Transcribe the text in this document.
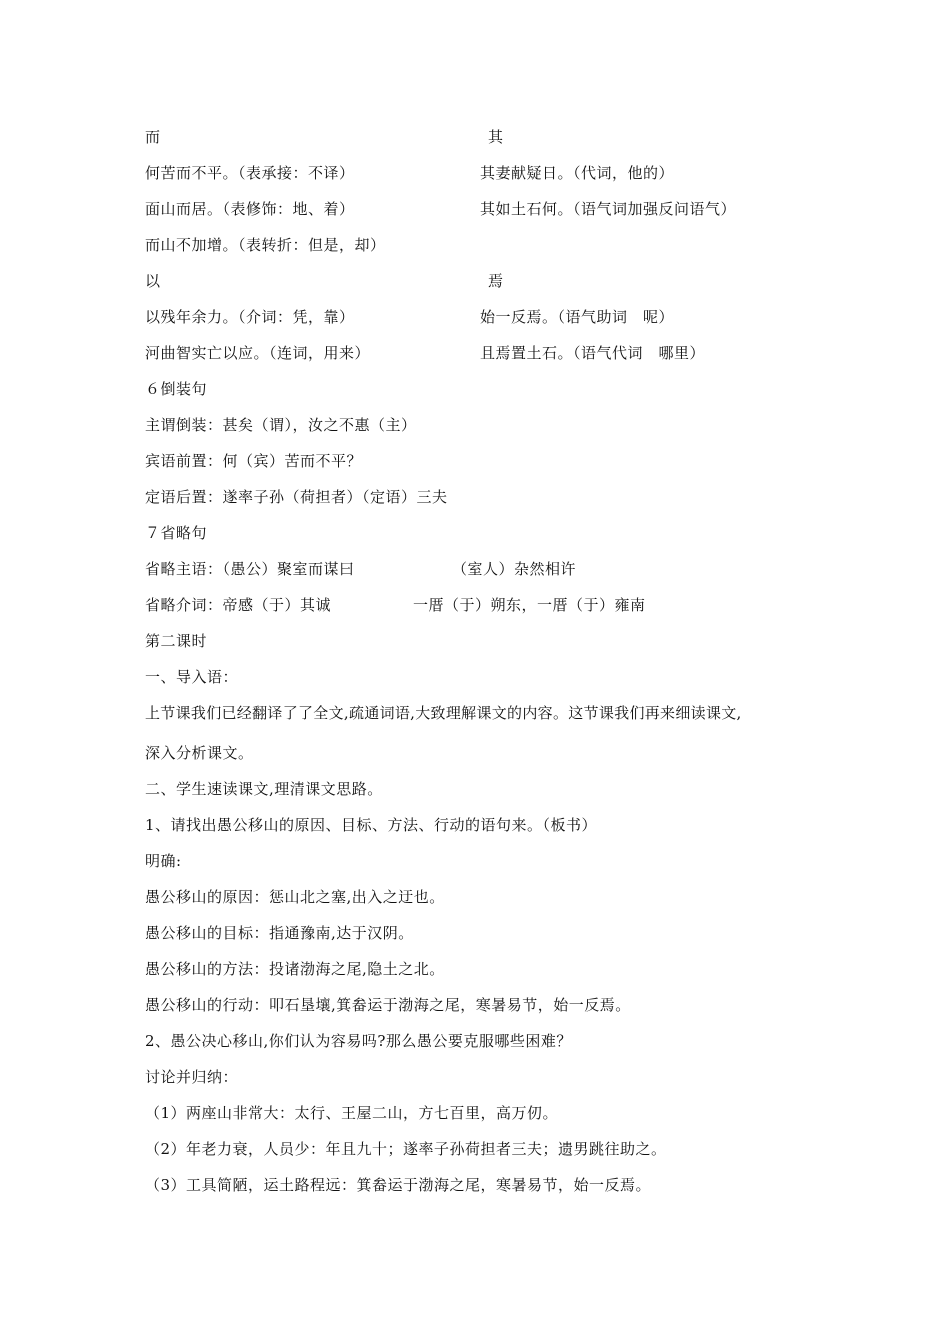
而	其
何苦而不平。（表承接：不译）	其妻献疑日。（代词，他的）
面山而居。（表修饰：地、着）	其如土石何。（语气词加强反问语气）
而山不加增。（表转折：但是，却）
以	焉
以残年余力。（介词：凭，靠）	始一反焉。（语气助词　呢）
河曲智实亡以应。（连词，用来）	且焉置土石。（语气代词　哪里）
６倒装句
主谓倒装：甚矣（谓），汝之不惠（主）
宾语前置：何（宾）苦而不平？
定语后置：遂率子孙（荷担者）（定语）三夫
７省略句
省略主语：（愚公）聚室而谋曰	（室人）杂然相许
省略介词：帝感（于）其诚	一厝（于）朔东，一厝（于）雍南
第二课时
一、导入语：
上节课我们已经翻译了了全文,疏通词语,大致理解课文的内容。这节课我们再来细读课文,
深入分析课文。
二、学生速读课文,理清课文思路。
1、请找出愚公移山的原因、目标、方法、行动的语句来。（板书）
明确:
愚公移山的原因：惩山北之塞,出入之迂也。
愚公移山的目标：指通豫南,达于汉阴。
愚公移山的方法：投诸渤海之尾,隐土之北。
愚公移山的行动：叩石垦壤,箕畚运于渤海之尾，寒暑易节，始一反焉。
2、愚公决心移山,你们认为容易吗?那么愚公要克服哪些困难？
讨论并归纳：
（1）两座山非常大：太行、王屋二山，方七百里，高万仞。
（2）年老力衰，人员少：年且九十；遂率子孙荷担者三夫；遗男跳往助之。
（3）工具简陋，运土路程远：箕畚运于渤海之尾，寒暑易节，始一反焉。
